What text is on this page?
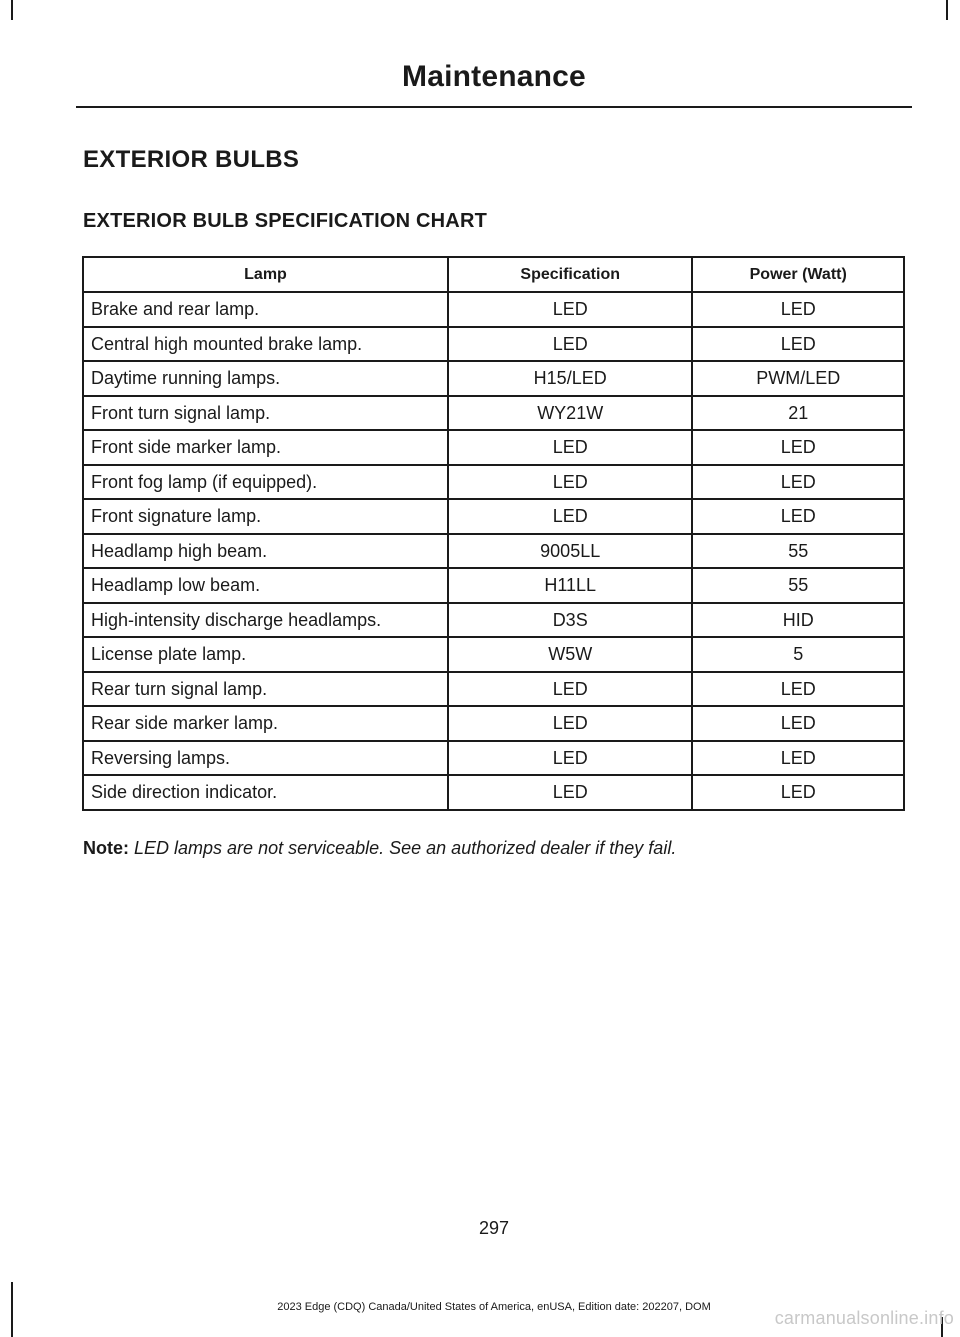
Maintenance
EXTERIOR BULBS
EXTERIOR BULB SPECIFICATION CHART
Lamp	Specification	Power (Watt)
Brake and rear lamp.	LED	LED
Central high mounted brake lamp.	LED	LED
Daytime running lamps.	H15/LED	PWM/LED
Front turn signal lamp.	WY21W	21
Front side marker lamp.	LED	LED
Front fog lamp (if equipped).	LED	LED
Front signature lamp.	LED	LED
Headlamp high beam.	9005LL	55
Headlamp low beam.	H11LL	55
High-intensity discharge headlamps.	D3S	HID
License plate lamp.	W5W	5
Rear turn signal lamp.	LED	LED
Rear side marker lamp.	LED	LED
Reversing lamps.	LED	LED
Side direction indicator.	LED	LED

Note: LED lamps are not serviceable. See an authorized dealer if they fail.

297

2023 Edge (CDQ) Canada/United States of America, enUSA, Edition date: 202207, DOM

carmanualsonline.info
